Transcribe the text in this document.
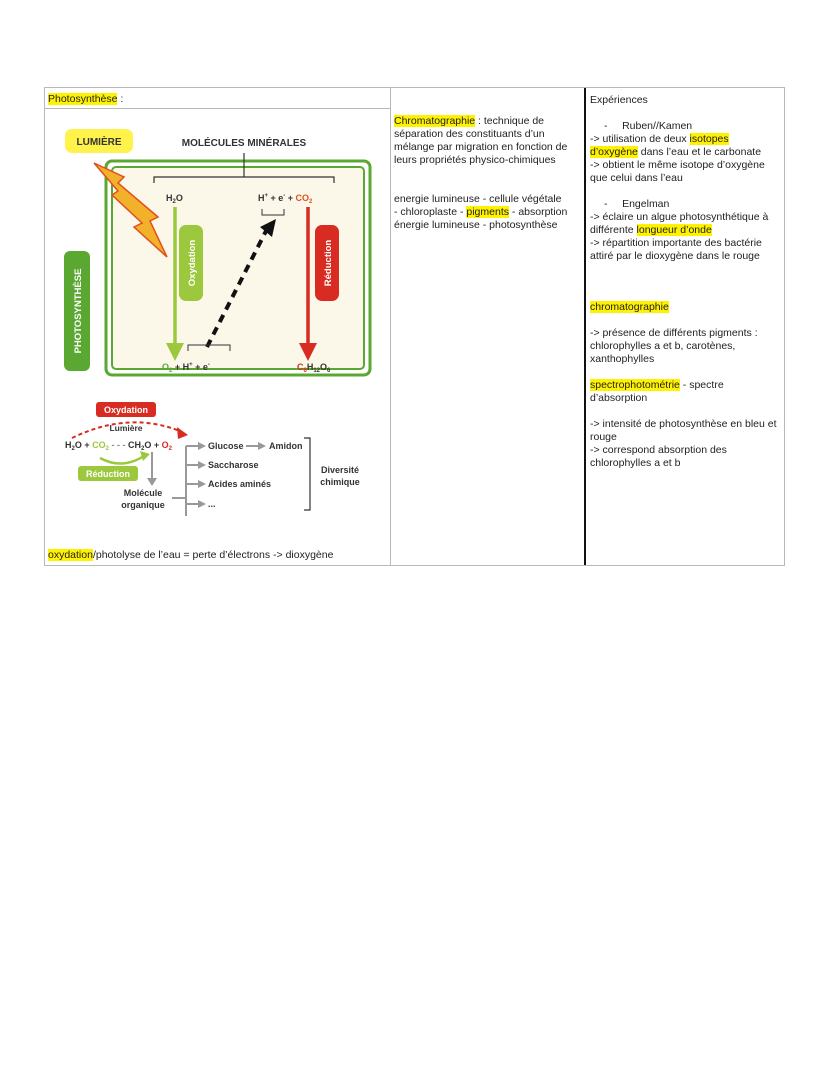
Photosynthèse :
LUMIÈRE	MOLÉCULES MINÉRALES
PHOTOSYNTHÈSE
$H_2O$
Oxydation
$H^+ + e^- + CO_2$
Réduction
$O_2 + H^+ + e^-$	$C_6H_{12}O_6$
Oxydation
Lumière
$H_2O + CO_2$ - - - $CH_2O + O_2$
Réduction
Molécule
organique
Glucose
Saccharose
Acides aminés
...
Amidon
Diversité
chimique
oxydation/photolyse de l’eau = perte d’électrons -> dioxygène
Chromatographie : technique de séparation des constituants d’un mélange par migration en fonction de leurs propriétés physico-chimiques
energie lumineuse - cellule végétale
- chloroplaste - pigments - absorption
énergie lumineuse - photosynthèse
Expériences
-     Ruben//Kamen
-> utilisation de deux isotopes
d’oxygène dans l’eau et le carbonate
-> obtient le même isotope d’oxygène que celui dans l’eau
-     Engelman
-> éclaire un algue photosynthétique à
différente longueur d’onde
-> répartition importante des bactérie attiré par le dioxygène dans le rouge
chromatographie
-> présence de différents pigments : chlorophylles a et b, carotènes, xanthophylles
spectrophotométrie - spectre d’absorption
-> intensité de photosynthèse en bleu et rouge
-> correspond absorption des chlorophylles a et b
